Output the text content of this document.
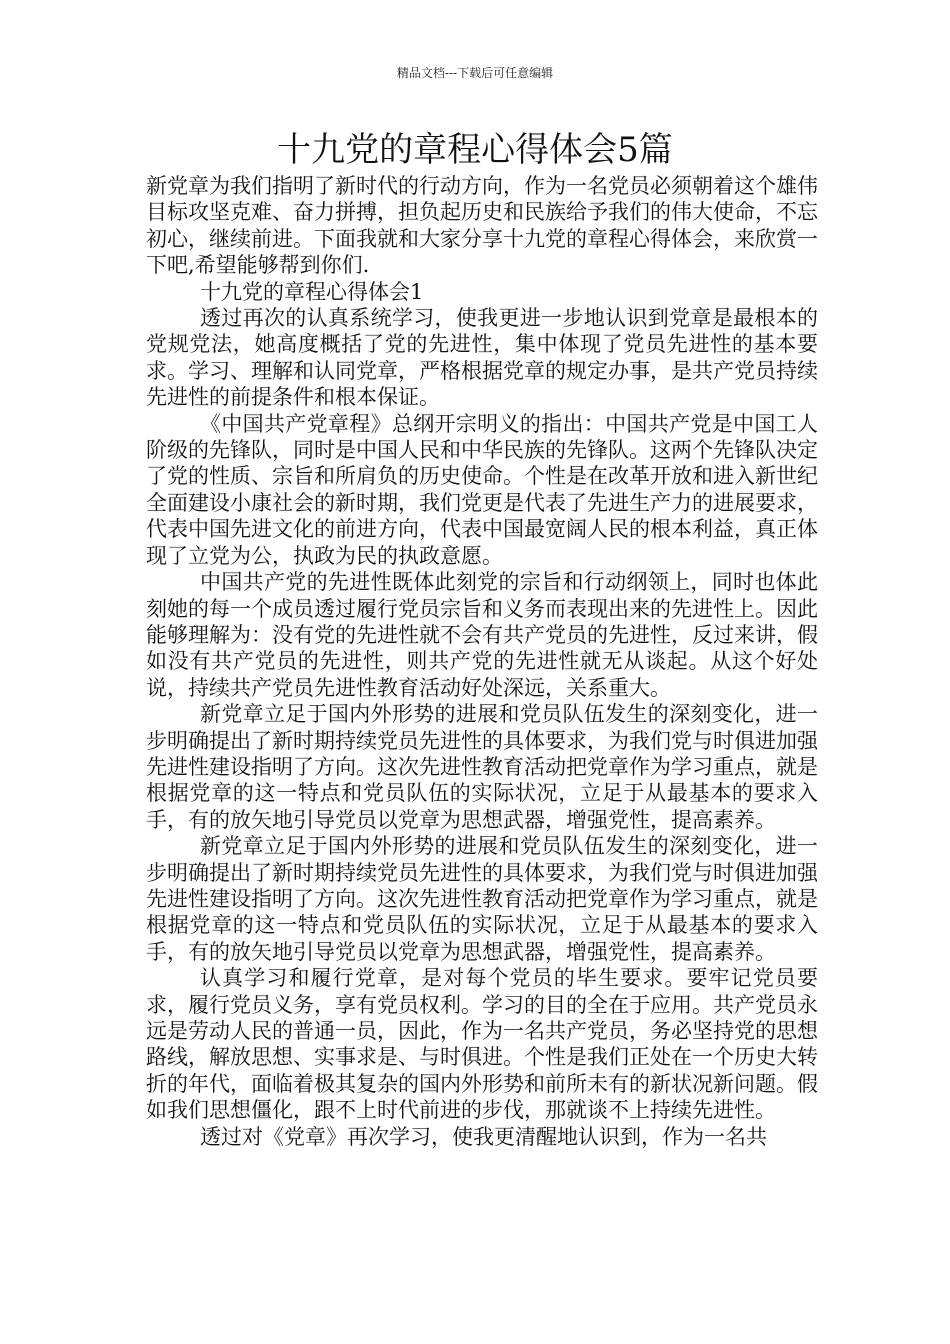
精品文档---下载后可任意编辑
十九党的章程心得体会5篇

新党章为我们指明了新时代的行动方向，作为一名党员必须朝着这个雄伟目标攻坚克难、奋力拼搏，担负起历史和民族给予我们的伟大使命，不忘初心，继续前进。下面我就和大家分享十九党的章程心得体会，来欣赏一下吧,希望能够帮到你们.

十九党的章程心得体会1

透过再次的认真系统学习，使我更进一步地认识到党章是最根本的党规党法，她高度概括了党的先进性，集中体现了党员先进性的基本要求。学习、理解和认同党章，严格根据党章的规定办事，是共产党员持续先进性的前提条件和根本保证。

《中国共产党章程》总纲开宗明义的指出：中国共产党是中国工人阶级的先锋队，同时是中国人民和中华民族的先锋队。这两个先锋队决定了党的性质、宗旨和所肩负的历史使命。个性是在改革开放和进入新世纪全面建设小康社会的新时期，我们党更是代表了先进生产力的进展要求，代表中国先进文化的前进方向，代表中国最宽阔人民的根本利益，真正体现了立党为公，执政为民的执政意愿。

中国共产党的先进性既体此刻党的宗旨和行动纲领上，同时也体此刻她的每一个成员透过履行党员宗旨和义务而表现出来的先进性上。因此能够理解为：没有党的先进性就不会有共产党员的先进性，反过来讲，假如没有共产党员的先进性，则共产党的先进性就无从谈起。从这个好处说，持续共产党员先进性教育活动好处深远，关系重大。

新党章立足于国内外形势的进展和党员队伍发生的深刻变化，进一步明确提出了新时期持续党员先进性的具体要求，为我们党与时俱进加强先进性建设指明了方向。这次先进性教育活动把党章作为学习重点，就是根据党章的这一特点和党员队伍的实际状况，立足于从最基本的要求入手，有的放矢地引导党员以党章为思想武器，增强党性，提高素养。

新党章立足于国内外形势的进展和党员队伍发生的深刻变化，进一步明确提出了新时期持续党员先进性的具体要求，为我们党与时俱进加强先进性建设指明了方向。这次先进性教育活动把党章作为学习重点，就是根据党章的这一特点和党员队伍的实际状况，立足于从最基本的要求入手，有的放矢地引导党员以党章为思想武器，增强党性，提高素养。

认真学习和履行党章，是对每个党员的毕生要求。要牢记党员要求，履行党员义务，享有党员权利。学习的目的全在于应用。共产党员永远是劳动人民的普通一员，因此，作为一名共产党员，务必坚持党的思想路线，解放思想、实事求是、与时俱进。个性是我们正处在一个历史大转折的年代，面临着极其复杂的国内外形势和前所未有的新状况新问题。假如我们思想僵化，跟不上时代前进的步伐，那就谈不上持续先进性。

透过对《党章》再次学习，使我更清醒地认识到，作为一名共
